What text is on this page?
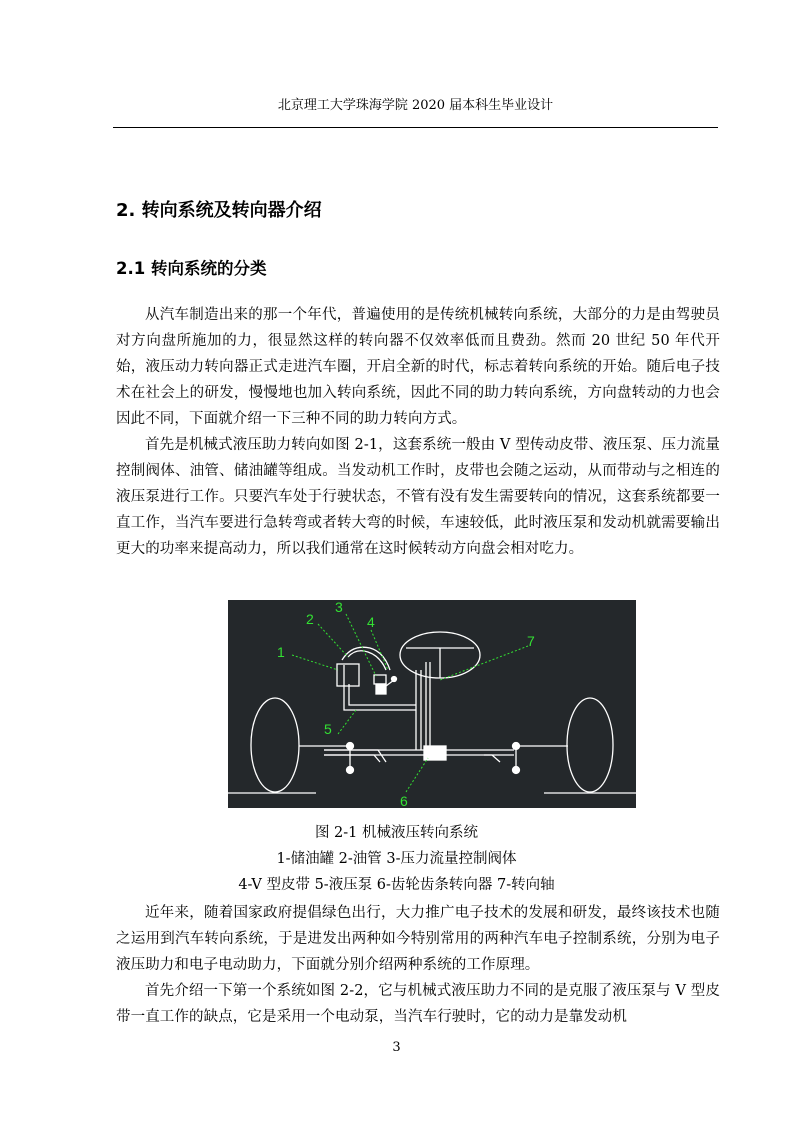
北京理工大学珠海学院 2020 届本科生毕业设计
2. 转向系统及转向器介绍
2.1 转向系统的分类

从汽车制造出来的那一个年代，普遍使用的是传统机械转向系统，大部分的力是由驾驶员对方向盘所施加的力，很显然这样的转向器不仅效率低而且费劲。然而 20 世纪 50 年代开始，液压动力转向器正式走进汽车圈，开启全新的时代，标志着转向系统的开始。随后电子技术在社会上的研发，慢慢地也加入转向系统，因此不同的助力转向系统，方向盘转动的力也会因此不同，下面就介绍一下三种不同的助力转向方式。

首先是机械式液压助力转向如图 2-1，这套系统一般由 V 型传动皮带、液压泵、压力流量控制阀体、油管、储油罐等组成。当发动机工作时，皮带也会随之运动，从而带动与之相连的液压泵进行工作。只要汽车处于行驶状态，不管有没有发生需要转向的情况，这套系统都要一直工作，当汽车要进行急转弯或者转大弯的时候，车速较低，此时液压泵和发动机就需要输出更大的功率来提高动力，所以我们通常在这时候转动方向盘会相对吃力。

1
2
3
4
5
6
7
图 2-1 机械液压转向系统
1-储油罐 2-油管 3-压力流量控制阀体
4-V 型皮带 5-液压泵 6-齿轮齿条转向器 7-转向轴

近年来，随着国家政府提倡绿色出行，大力推广电子技术的发展和研发，最终该技术也随之运用到汽车转向系统，于是进发出两种如今特别常用的两种汽车电子控制系统，分别为电子液压助力和电子电动助力，下面就分别介绍两种系统的工作原理。

首先介绍一下第一个系统如图 2-2，它与机械式液压助力不同的是克服了液压泵与 V 型皮带一直工作的缺点，它是采用一个电动泵，当汽车行驶时，它的动力是靠发动机

3
